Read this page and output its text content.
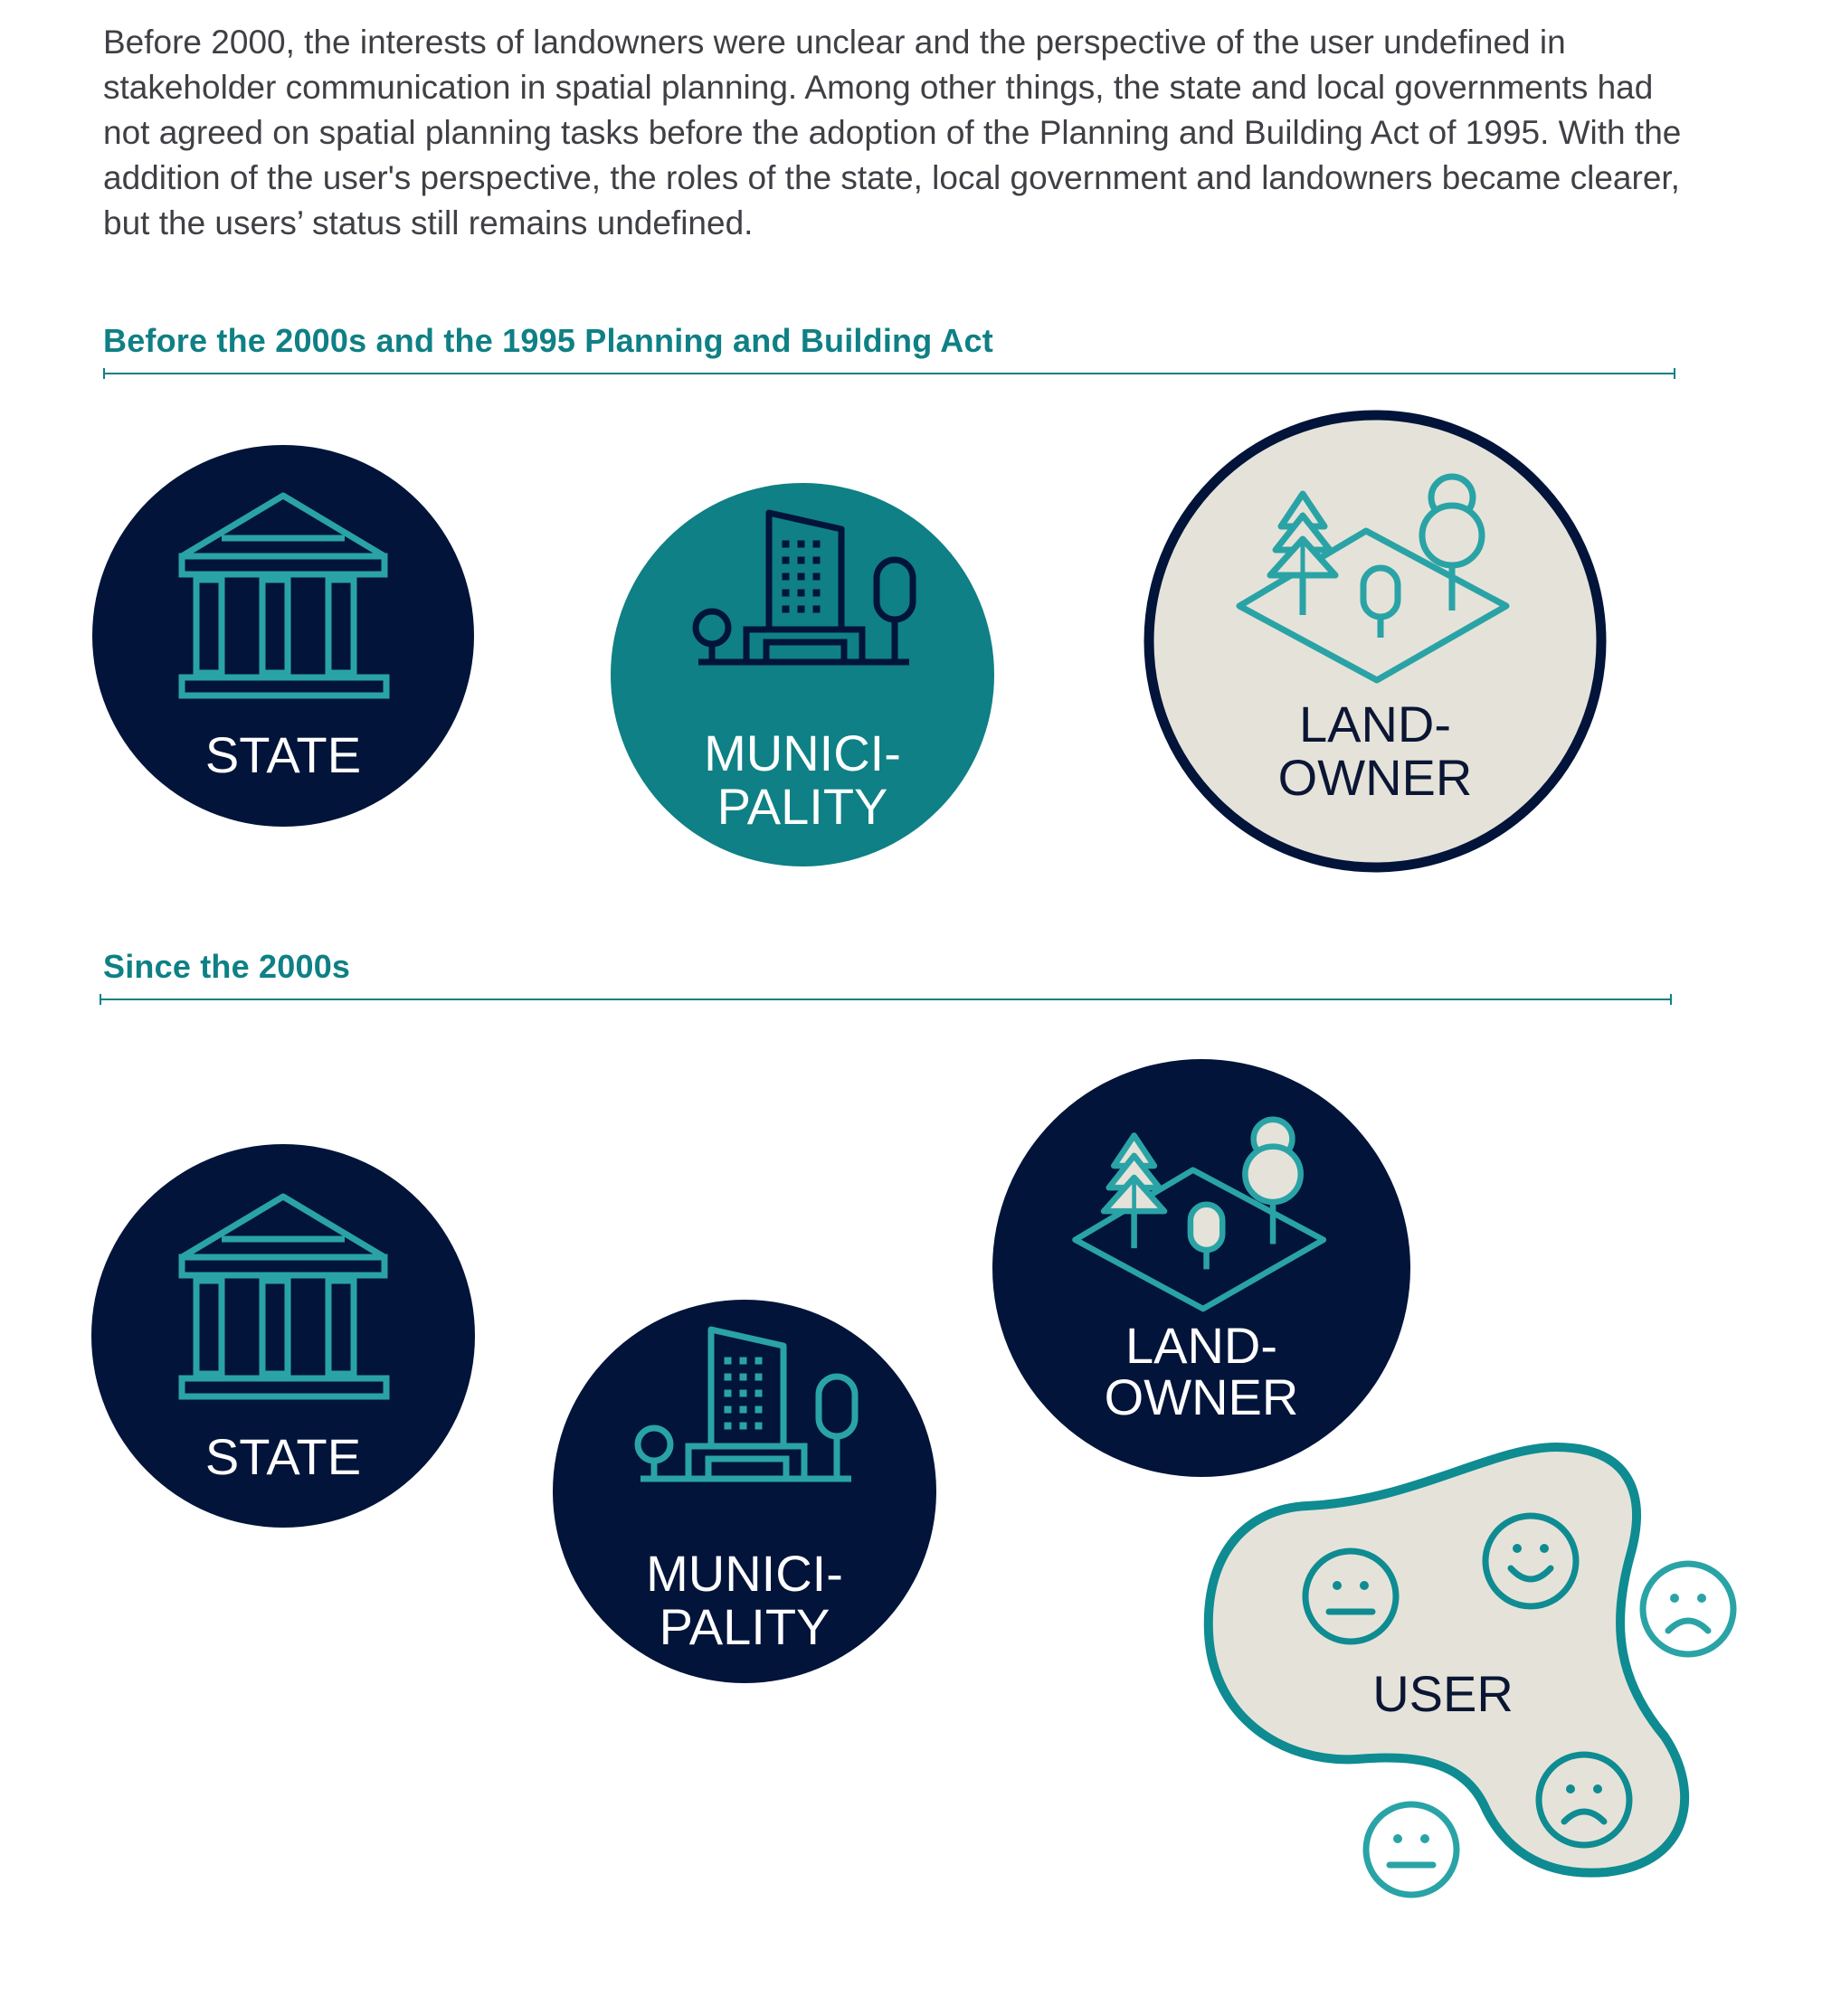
Before 2000, the interests of landowners were unclear and the perspective of the user undefined in stakeholder communication in spatial planning. Among other things, the state and local governments had not agreed on spatial planning tasks before the adoption of the Planning and Building Act of 1995. With the addition of the user's perspective, the roles of the state, local government and landowners became clearer, but the users’ status still remains undefined.

Before the 2000s and the 1995 Planning and Building Act
Since the 2000s
STATE	MUNICI-
PALITY
LAND-
OWNER
STATE
MUNICI-
PALITY
LAND-
OWNER
USER
